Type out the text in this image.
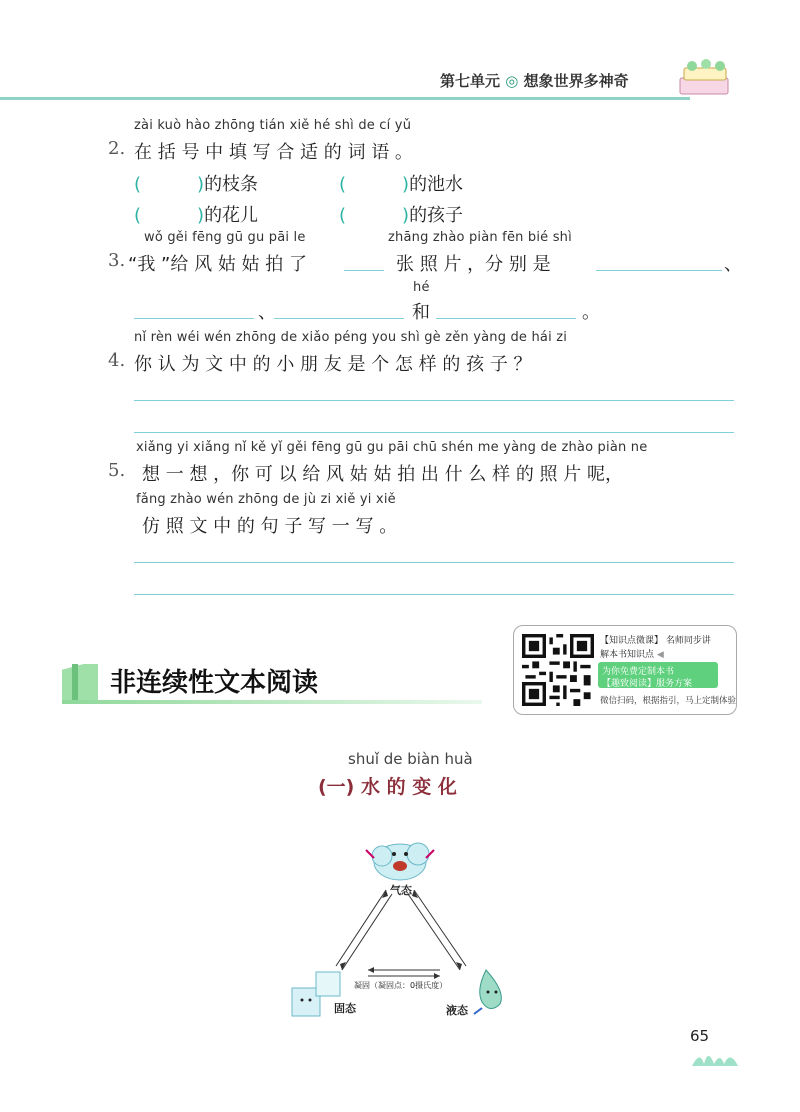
第七单元 ◎ 想象世界多神奇
zài kuò hào zhōng tián xiě hé shì de cí yǔ
2. 在 括 号 中 填 写 合 适 的 词 语 。
(	)的枝条	(	)的池水
(	)的花儿	(	)的孩子
wǒ gěi fēng gū gu pāi le	zhāng zhào piàn fēn bié shì
3. “我 ”给 风 姑 姑 拍 了	张 照 片 ，分 别 是	、
hé
、	和	。
nǐ rèn wéi wén zhōng de xiǎo péng you shì gè zěn yàng de hái zi
4. 你 认 为 文 中 的 小 朋 友 是 个 怎 样 的 孩 子 ？
xiǎng yi xiǎng nǐ kě yǐ gěi fēng gū gu pāi chū shén me yàng de zhào piàn ne
5. 想 一 想 ，你 可 以 给 风 姑 姑 拍 出 什 么 样 的 照 片 呢，
fǎng zhào wén zhōng de jù zi xiě yi xiě
仿 照 文 中 的 句 子 写 一 写 。
【知识点微课】 名师同步讲
解本书知识点 ◀
为你免费定制本书
【趣致阅读】服务方案
微信扫码，根据指引，马上定制体验
非连续性文本阅读
shuǐ de biàn huà
(一) 水 的 变 化
气态
凝固（凝固点：0摄氏度）
固态	液态
65
